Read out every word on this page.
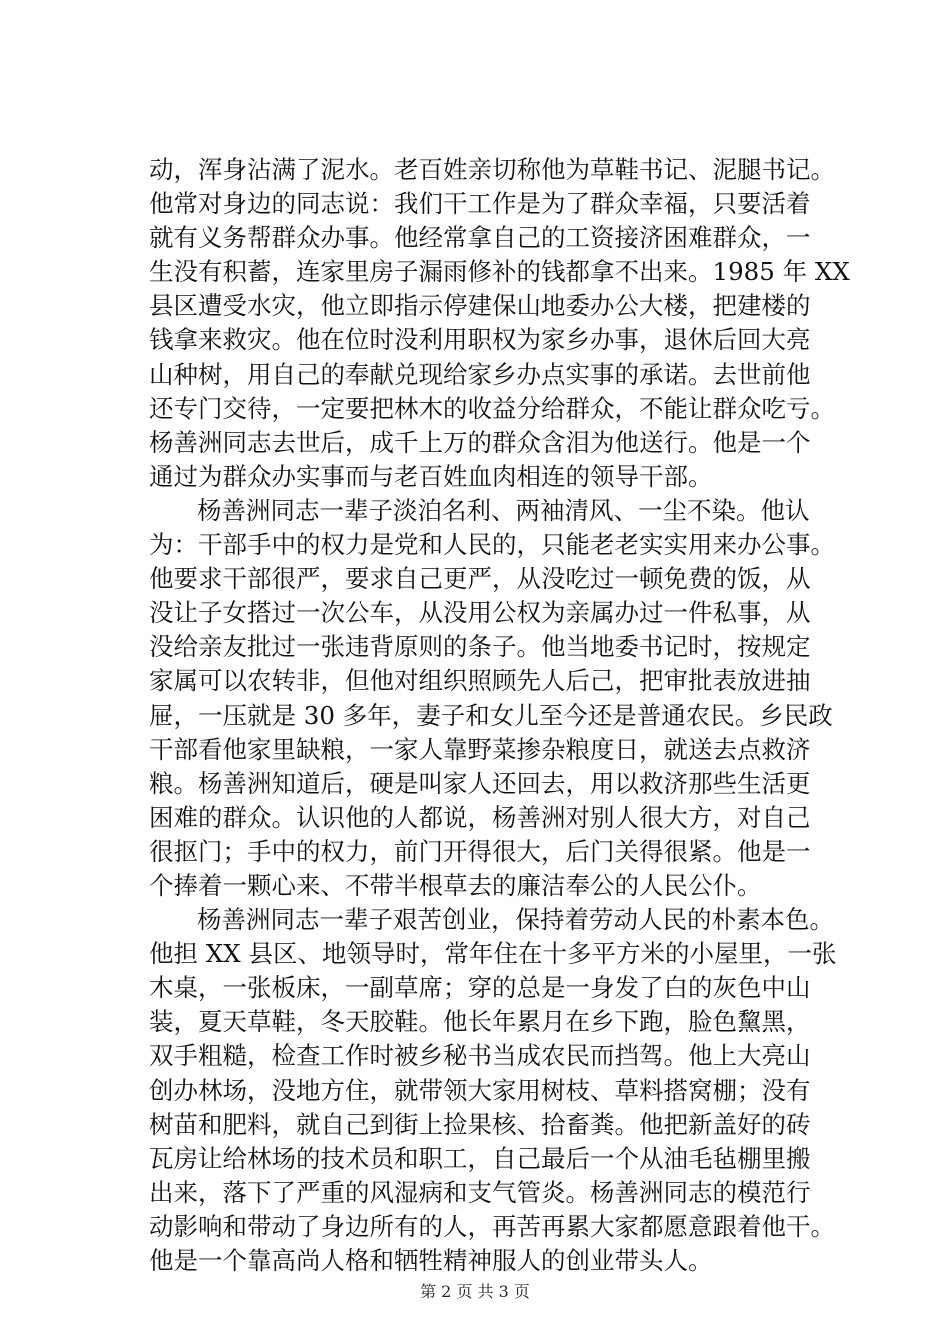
动，浑身沾满了泥水。老百姓亲切称他为草鞋书记、泥腿书记。
他常对身边的同志说：我们干工作是为了群众幸福，只要活着
就有义务帮群众办事。他经常拿自己的工资接济困难群众，一
生没有积蓄，连家里房子漏雨修补的钱都拿不出来。1985 年 XX
县区遭受水灾，他立即指示停建保山地委办公大楼，把建楼的
钱拿来救灾。他在位时没利用职权为家乡办事，退休后回大亮
山种树，用自己的奉献兑现给家乡办点实事的承诺。去世前他
还专门交待，一定要把林木的收益分给群众，不能让群众吃亏。
杨善洲同志去世后，成千上万的群众含泪为他送行。他是一个
通过为群众办实事而与老百姓血肉相连的领导干部。
杨善洲同志一辈子淡泊名利、两袖清风、一尘不染。他认
为：干部手中的权力是党和人民的，只能老老实实用来办公事。
他要求干部很严，要求自己更严，从没吃过一顿免费的饭，从
没让子女搭过一次公车，从没用公权为亲属办过一件私事，从
没给亲友批过一张违背原则的条子。他当地委书记时，按规定
家属可以农转非，但他对组织照顾先人后己，把审批表放进抽
屉，一压就是 30 多年，妻子和女儿至今还是普通农民。乡民政
干部看他家里缺粮，一家人靠野菜掺杂粮度日，就送去点救济
粮。杨善洲知道后，硬是叫家人还回去，用以救济那些生活更
困难的群众。认识他的人都说，杨善洲对别人很大方，对自己
很抠门；手中的权力，前门开得很大，后门关得很紧。他是一
个捧着一颗心来、不带半根草去的廉洁奉公的人民公仆。
杨善洲同志一辈子艰苦创业，保持着劳动人民的朴素本色。
他担 XX 县区、地领导时，常年住在十多平方米的小屋里，一张
木桌，一张板床，一副草席；穿的总是一身发了白的灰色中山
装，夏天草鞋，冬天胶鞋。他长年累月在乡下跑，脸色黧黑，
双手粗糙，检查工作时被乡秘书当成农民而挡驾。他上大亮山
创办林场，没地方住，就带领大家用树枝、草料搭窝棚；没有
树苗和肥料，就自己到街上捡果核、拾畜粪。他把新盖好的砖
瓦房让给林场的技术员和职工，自己最后一个从油毛毡棚里搬
出来，落下了严重的风湿病和支气管炎。杨善洲同志的模范行
动影响和带动了身边所有的人，再苦再累大家都愿意跟着他干。
他是一个靠高尚人格和牺牲精神服人的创业带头人。
第 2 页 共 3 页
